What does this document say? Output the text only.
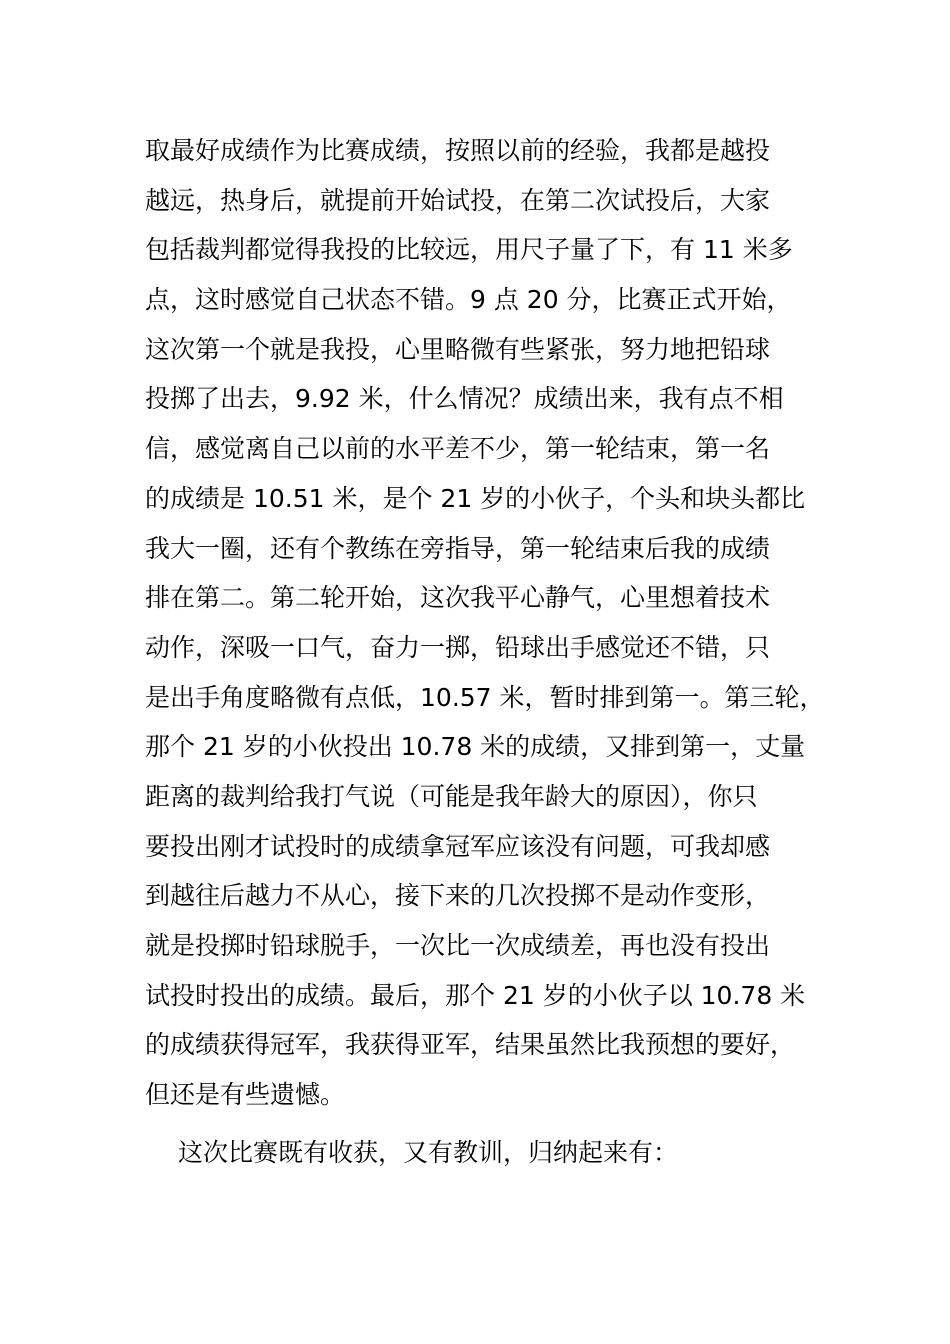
取最好成绩作为比赛成绩，按照以前的经验，我都是越投
越远，热身后，就提前开始试投，在第二次试投后，大家
包括裁判都觉得我投的比较远，用尺子量了下，有 11 米多
点，这时感觉自己状态不错。9 点 20 分，比赛正式开始，
这次第一个就是我投，心里略微有些紧张，努力地把铅球
投掷了出去，9.92 米，什么情况？成绩出来，我有点不相
信，感觉离自己以前的水平差不少，第一轮结束，第一名
的成绩是 10.51 米，是个 21 岁的小伙子，个头和块头都比
我大一圈，还有个教练在旁指导，第一轮结束后我的成绩
排在第二。第二轮开始，这次我平心静气，心里想着技术
动作，深吸一口气，奋力一掷，铅球出手感觉还不错，只
是出手角度略微有点低，10.57 米，暂时排到第一。第三轮，
那个 21 岁的小伙投出 10.78 米的成绩，又排到第一，丈量
距离的裁判给我打气说（可能是我年龄大的原因），你只
要投出刚才试投时的成绩拿冠军应该没有问题，可我却感
到越往后越力不从心，接下来的几次投掷不是动作变形，
就是投掷时铅球脱手，一次比一次成绩差，再也没有投出
试投时投出的成绩。最后，那个 21 岁的小伙子以 10.78 米
的成绩获得冠军，我获得亚军，结果虽然比我预想的要好，
但还是有些遗憾。
这次比赛既有收获，又有教训，归纳起来有：
